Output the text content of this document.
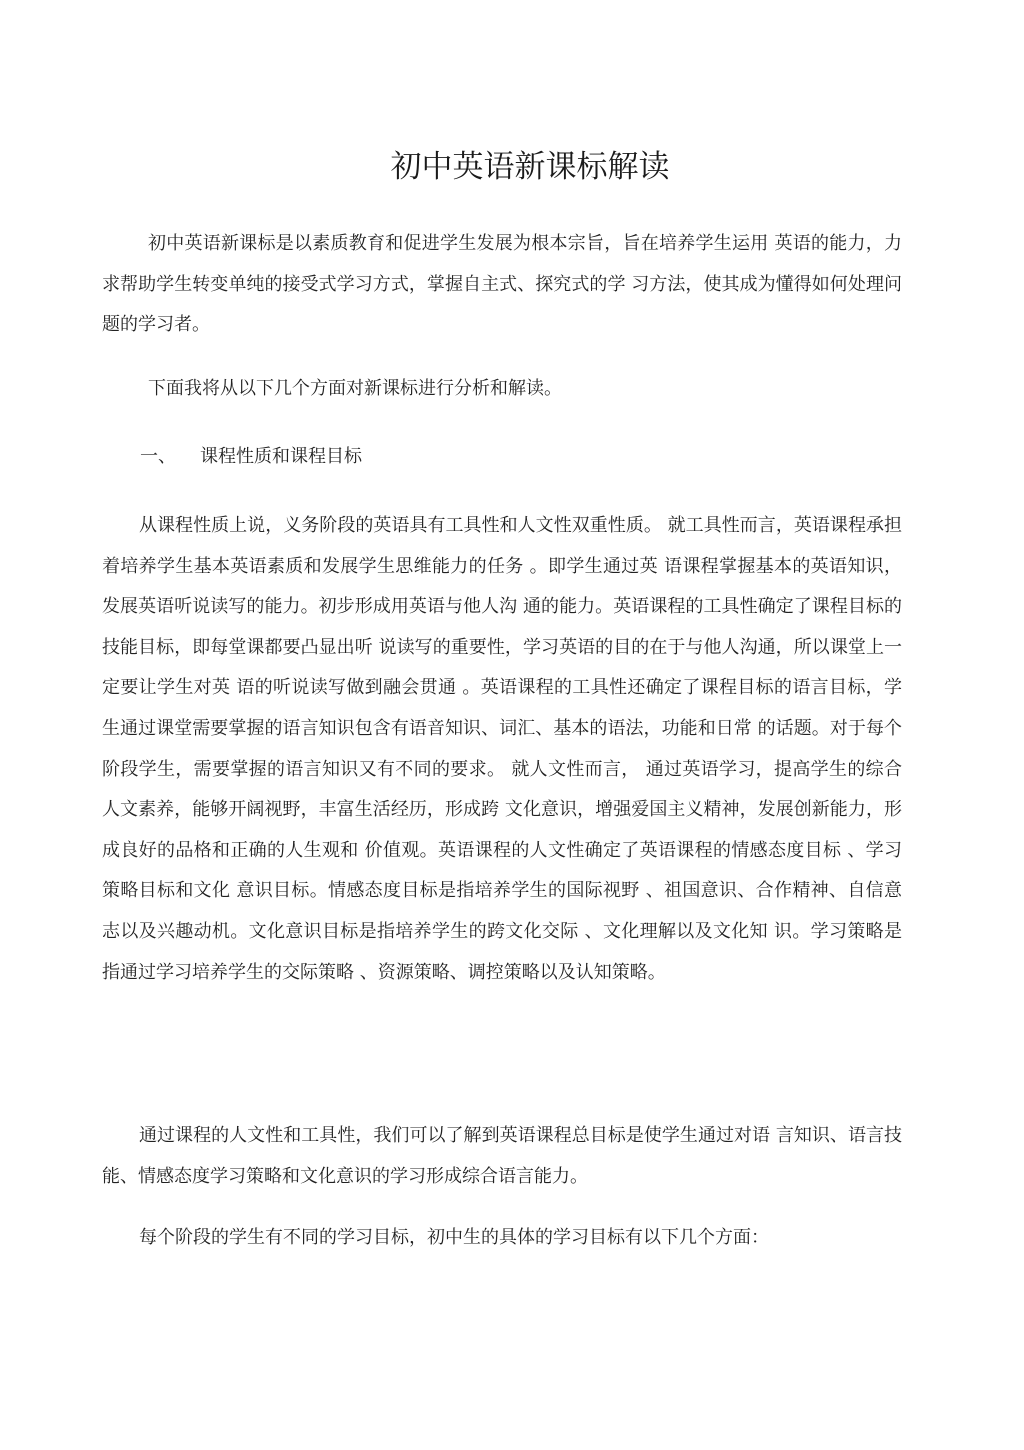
初中英语新课标解读

初中英语新课标是以素质教育和促进学生发展为根本宗旨，旨在培养学生运用 英语的能力，力求帮助学生转变单纯的接受式学习方式，掌握自主式、探究式的学 习方法，使其成为懂得如何处理问题的学习者。

下面我将从以下几个方面对新课标进行分析和解读。

一、 课程性质和课程目标

从课程性质上说，义务阶段的英语具有工具性和人文性双重性质。 就工具性而言，英语课程承担着培养学生基本英语素质和发展学生思维能力的任务 。即学生通过英 语课程掌握基本的英语知识，发展英语听说读写的能力。初步形成用英语与他人沟 通的能力。英语课程的工具性确定了课程目标的技能目标，即每堂课都要凸显出听 说读写的重要性，学习英语的目的在于与他人沟通，所以课堂上一定要让学生对英 语的听说读写做到融会贯通 。英语课程的工具性还确定了课程目标的语言目标，学 生通过课堂需要掌握的语言知识包含有语音知识、词汇、基本的语法，功能和日常 的话题。对于每个阶段学生，需要掌握的语言知识又有不同的要求。 就人文性而言， 通过英语学习，提高学生的综合人文素养，能够开阔视野，丰富生活经历，形成跨 文化意识，增强爱国主义精神，发展创新能力，形成良好的品格和正确的人生观和 价值观。英语课程的人文性确定了英语课程的情感态度目标 、学习策略目标和文化 意识目标。情感态度目标是指培养学生的国际视野 、祖国意识、合作精神、自信意 志以及兴趣动机。文化意识目标是指培养学生的跨文化交际 、文化理解以及文化知 识。学习策略是指通过学习培养学生的交际策略 、资源策略、调控策略以及认知策略。

通过课程的人文性和工具性，我们可以了解到英语课程总目标是使学生通过对语 言知识、语言技能、情感态度学习策略和文化意识的学习形成综合语言能力。

每个阶段的学生有不同的学习目标，初中生的具体的学习目标有以下几个方面：
